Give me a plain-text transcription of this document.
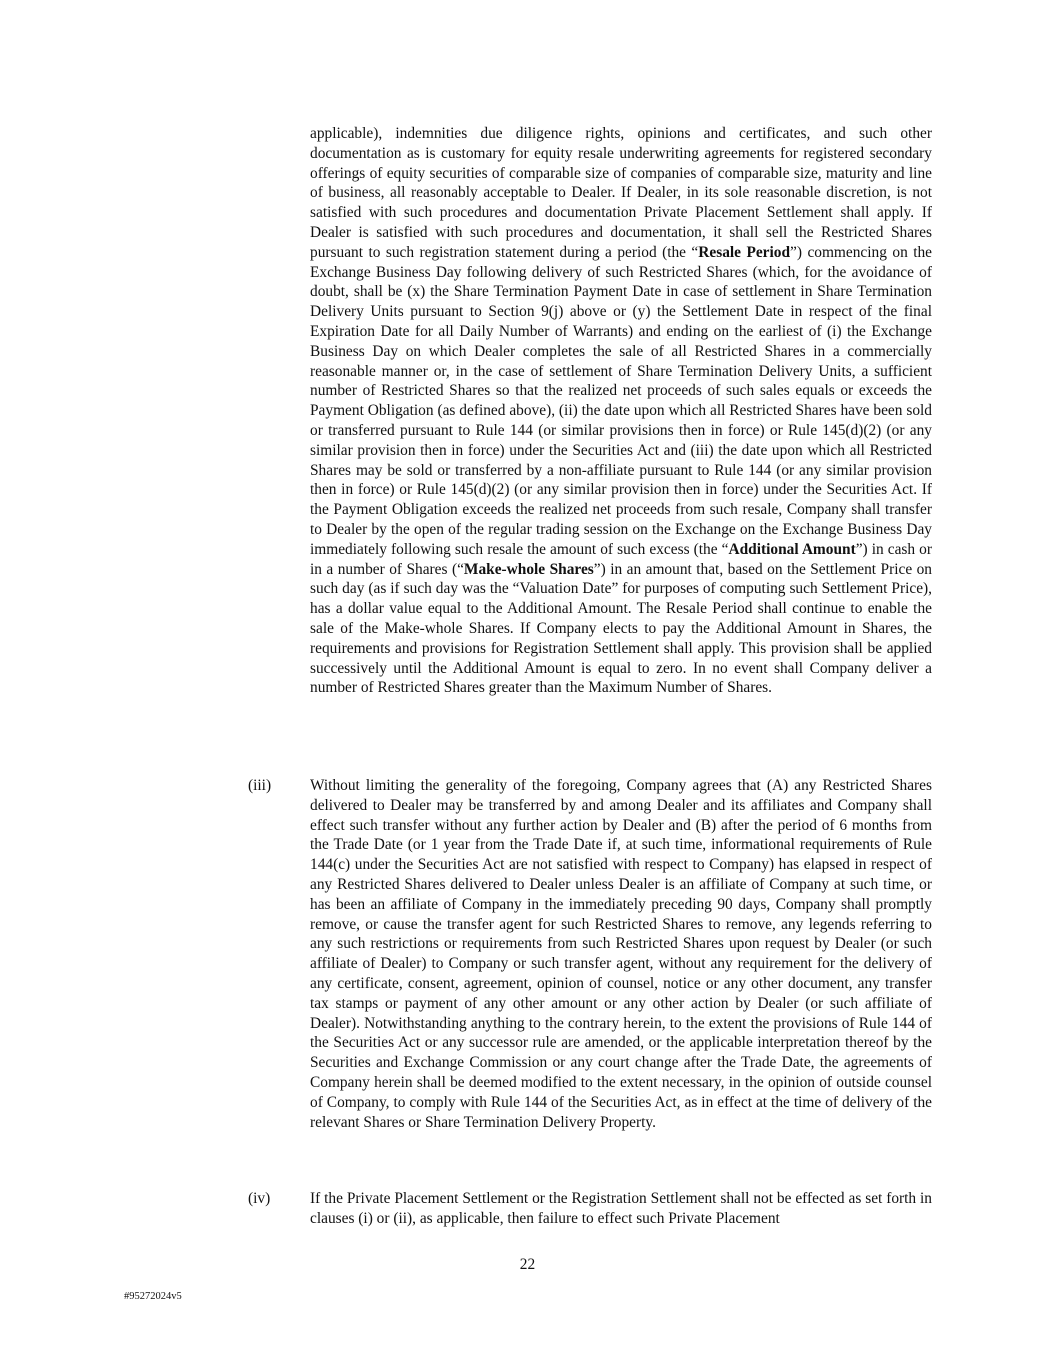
applicable), indemnities due diligence rights, opinions and certificates, and such other documentation as is customary for equity resale underwriting agreements for registered secondary offerings of equity securities of comparable size of companies of comparable size, maturity and line of business, all reasonably acceptable to Dealer. If Dealer, in its sole reasonable discretion, is not satisfied with such procedures and documentation Private Placement Settlement shall apply. If Dealer is satisfied with such procedures and documentation, it shall sell the Restricted Shares pursuant to such registration statement during a period (the “Resale Period”) commencing on the Exchange Business Day following delivery of such Restricted Shares (which, for the avoidance of doubt, shall be (x) the Share Termination Payment Date in case of settlement in Share Termination Delivery Units pursuant to Section 9(j) above or (y) the Settlement Date in respect of the final Expiration Date for all Daily Number of Warrants) and ending on the earliest of (i) the Exchange Business Day on which Dealer completes the sale of all Restricted Shares in a commercially reasonable manner or, in the case of settlement of Share Termination Delivery Units, a sufficient number of Restricted Shares so that the realized net proceeds of such sales equals or exceeds the Payment Obligation (as defined above), (ii) the date upon which all Restricted Shares have been sold or transferred pursuant to Rule 144 (or similar provisions then in force) or Rule 145(d)(2) (or any similar provision then in force) under the Securities Act and (iii) the date upon which all Restricted Shares may be sold or transferred by a non-affiliate pursuant to Rule 144 (or any similar provision then in force) or Rule 145(d)(2) (or any similar provision then in force) under the Securities Act. If the Payment Obligation exceeds the realized net proceeds from such resale, Company shall transfer to Dealer by the open of the regular trading session on the Exchange on the Exchange Business Day immediately following such resale the amount of such excess (the “Additional Amount”) in cash or in a number of Shares (“Make-whole Shares”) in an amount that, based on the Settlement Price on such day (as if such day was the “Valuation Date” for purposes of computing such Settlement Price), has a dollar value equal to the Additional Amount. The Resale Period shall continue to enable the sale of the Make-whole Shares. If Company elects to pay the Additional Amount in Shares, the requirements and provisions for Registration Settlement shall apply. This provision shall be applied successively until the Additional Amount is equal to zero. In no event shall Company deliver a number of Restricted Shares greater than the Maximum Number of Shares.

(iii)	Without limiting the generality of the foregoing, Company agrees that (A) any Restricted Shares delivered to Dealer may be transferred by and among Dealer and its affiliates and Company shall effect such transfer without any further action by Dealer and (B) after the period of 6 months from the Trade Date (or 1 year from the Trade Date if, at such time, informational requirements of Rule 144(c) under the Securities Act are not satisfied with respect to Company) has elapsed in respect of any Restricted Shares delivered to Dealer unless Dealer is an affiliate of Company at such time, or has been an affiliate of Company in the immediately preceding 90 days, Company shall promptly remove, or cause the transfer agent for such Restricted Shares to remove, any legends referring to any such restrictions or requirements from such Restricted Shares upon request by Dealer (or such affiliate of Dealer) to Company or such transfer agent, without any requirement for the delivery of any certificate, consent, agreement, opinion of counsel, notice or any other document, any transfer tax stamps or payment of any other amount or any other action by Dealer (or such affiliate of Dealer). Notwithstanding anything to the contrary herein, to the extent the provisions of Rule 144 of the Securities Act or any successor rule are amended, or the applicable interpretation thereof by the Securities and Exchange Commission or any court change after the Trade Date, the agreements of Company herein shall be deemed modified to the extent necessary, in the opinion of outside counsel of Company, to comply with Rule 144 of the Securities Act, as in effect at the time of delivery of the relevant Shares or Share Termination Delivery Property.

(iv)	If the Private Placement Settlement or the Registration Settlement shall not be effected as set forth in clauses (i) or (ii), as applicable, then failure to effect such Private Placement

22
#95272024v5
